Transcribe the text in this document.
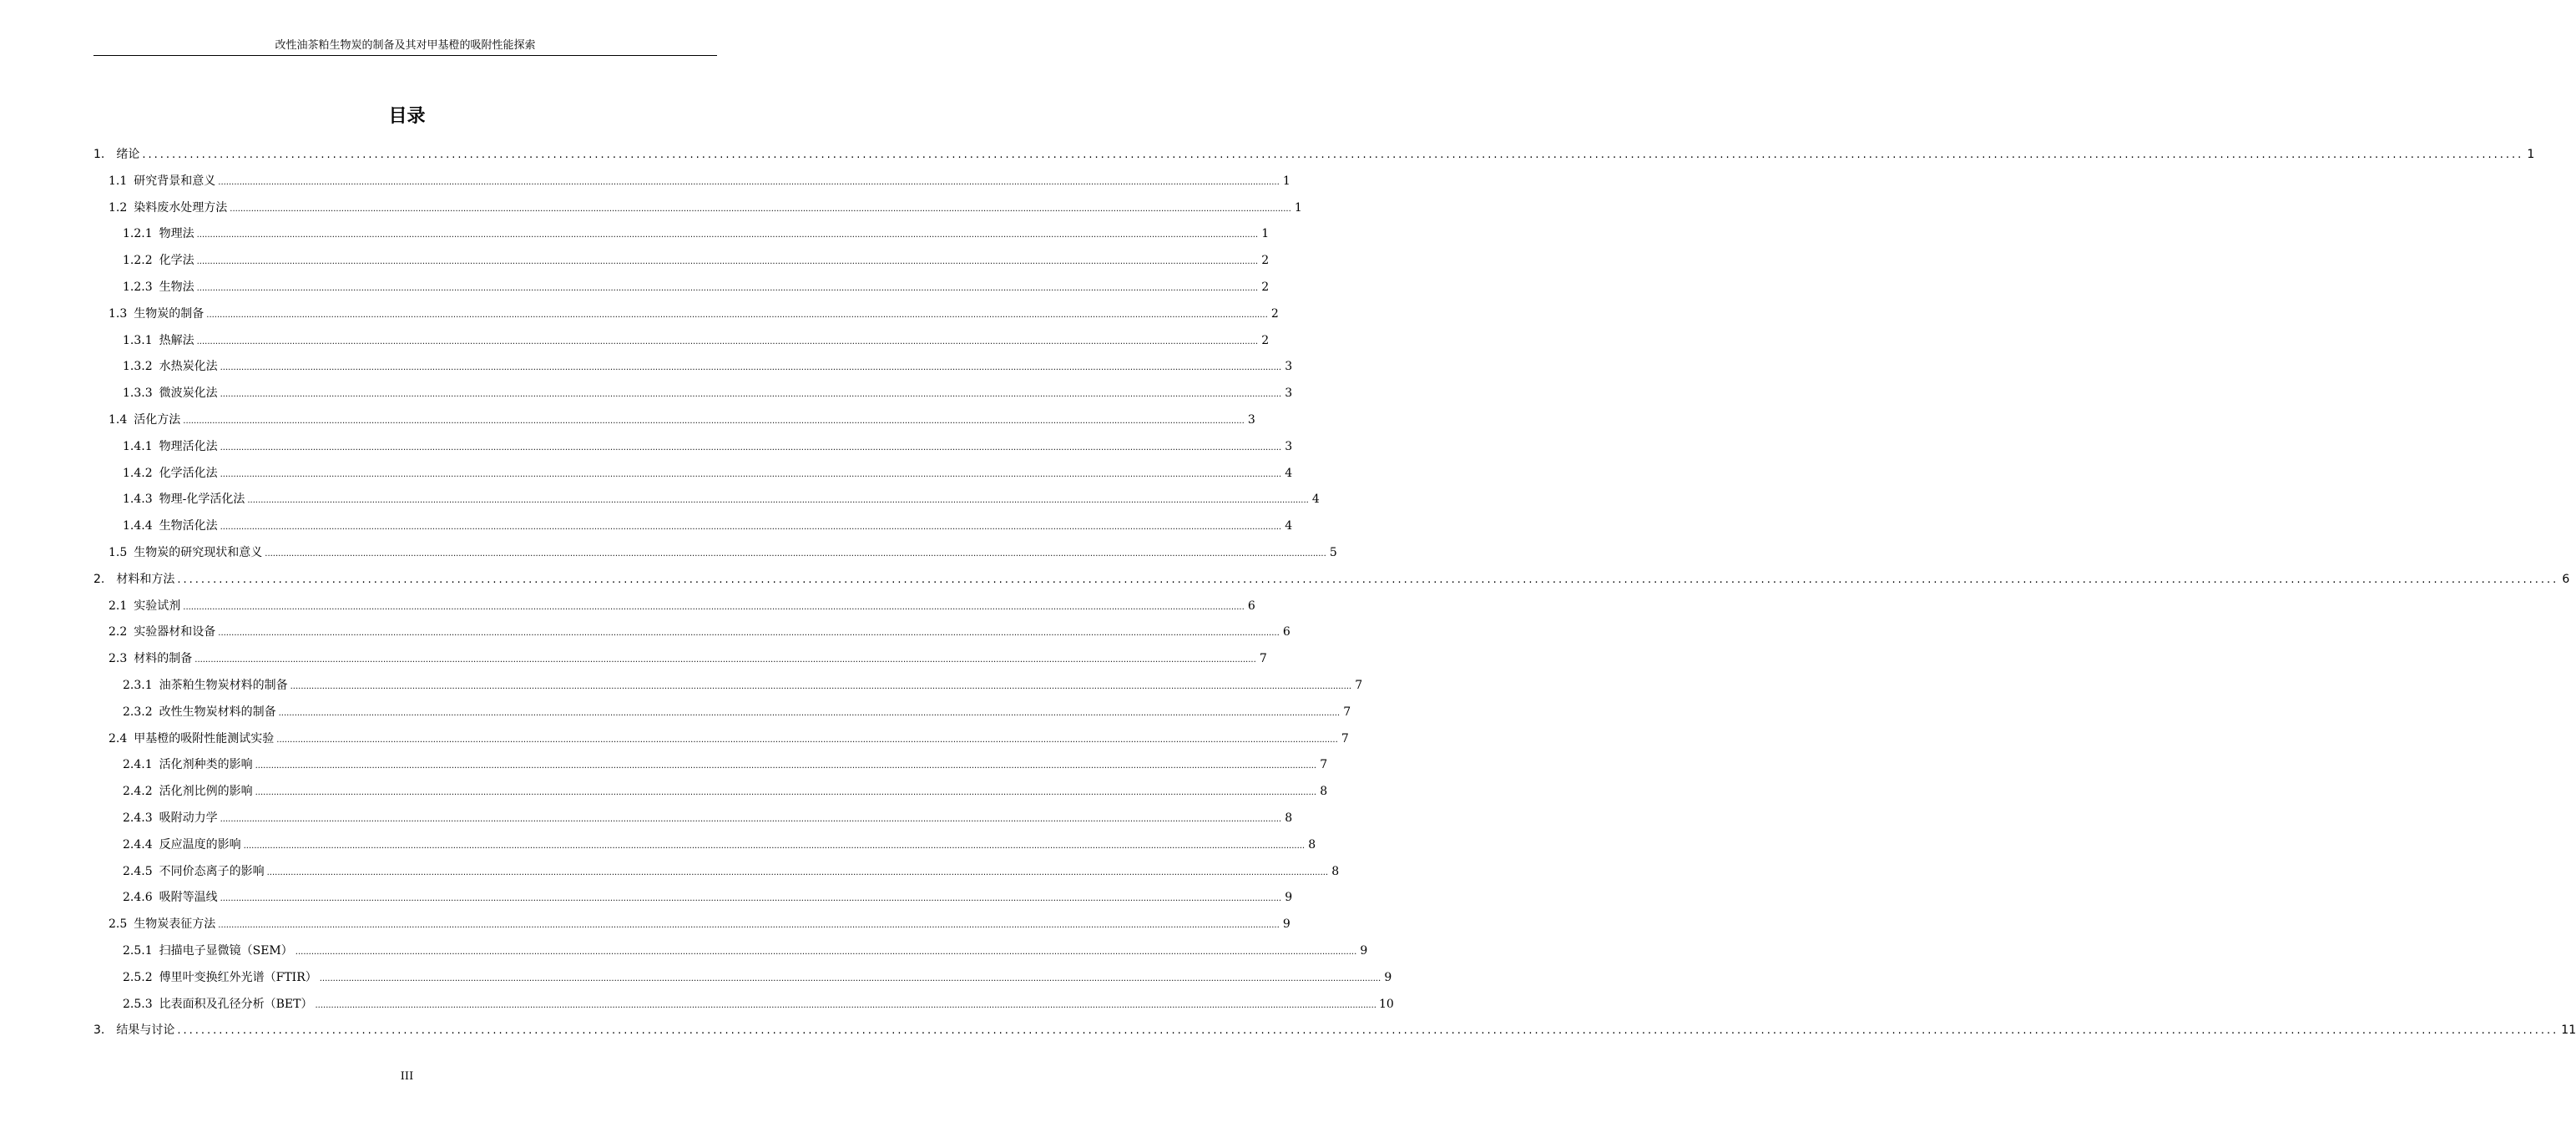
改性油茶粕生物炭的制备及其对甲基橙的吸附性能探索
目录
1. 绪论 ................................................................................................................................................................................................................................................................................................................................................................................................................ 1
1.1 研究背景和意义 ................................................................................................................................................................................................................................................................................................................................................................................................................ 1
1.2 染料废水处理方法 ................................................................................................................................................................................................................................................................................................................................................................................................................ 1
1.2.1 物理法 ................................................................................................................................................................................................................................................................................................................................................................................................................ 1
1.2.2 化学法 ................................................................................................................................................................................................................................................................................................................................................................................................................ 2
1.2.3 生物法 ................................................................................................................................................................................................................................................................................................................................................................................................................ 2
1.3 生物炭的制备 ................................................................................................................................................................................................................................................................................................................................................................................................................ 2
1.3.1 热解法 ................................................................................................................................................................................................................................................................................................................................................................................................................ 2
1.3.2 水热炭化法 ................................................................................................................................................................................................................................................................................................................................................................................................................ 3
1.3.3 微波炭化法 ................................................................................................................................................................................................................................................................................................................................................................................................................ 3
1.4 活化方法 ................................................................................................................................................................................................................................................................................................................................................................................................................ 3
1.4.1 物理活化法 ................................................................................................................................................................................................................................................................................................................................................................................................................ 3
1.4.2 化学活化法 ................................................................................................................................................................................................................................................................................................................................................................................................................ 4
1.4.3 物理-化学活化法 ................................................................................................................................................................................................................................................................................................................................................................................................................ 4
1.4.4 生物活化法 ................................................................................................................................................................................................................................................................................................................................................................................................................ 4
1.5 生物炭的研究现状和意义 ................................................................................................................................................................................................................................................................................................................................................................................................................ 5
2. 材料和方法 ................................................................................................................................................................................................................................................................................................................................................................................................................ 6
2.1 实验试剂 ................................................................................................................................................................................................................................................................................................................................................................................................................ 6
2.2 实验器材和设备 ................................................................................................................................................................................................................................................................................................................................................................................................................ 6
2.3 材料的制备 ................................................................................................................................................................................................................................................................................................................................................................................................................ 7
2.3.1 油茶粕生物炭材料的制备 ................................................................................................................................................................................................................................................................................................................................................................................................................ 7
2.3.2 改性生物炭材料的制备 ................................................................................................................................................................................................................................................................................................................................................................................................................ 7
2.4 甲基橙的吸附性能测试实验 ................................................................................................................................................................................................................................................................................................................................................................................................................ 7
2.4.1 活化剂种类的影响 ................................................................................................................................................................................................................................................................................................................................................................................................................ 7
2.4.2 活化剂比例的影响 ................................................................................................................................................................................................................................................................................................................................................................................................................ 8
2.4.3 吸附动力学 ................................................................................................................................................................................................................................................................................................................................................................................................................ 8
2.4.4 反应温度的影响 ................................................................................................................................................................................................................................................................................................................................................................................................................ 8
2.4.5 不同价态离子的影响 ................................................................................................................................................................................................................................................................................................................................................................................................................ 8
2.4.6 吸附等温线 ................................................................................................................................................................................................................................................................................................................................................................................................................ 9
2.5 生物炭表征方法 ................................................................................................................................................................................................................................................................................................................................................................................................................ 9
2.5.1 扫描电子显微镜（SEM） ................................................................................................................................................................................................................................................................................................................................................................................................................ 9
2.5.2 傅里叶变换红外光谱（FTIR） ................................................................................................................................................................................................................................................................................................................................................................................................................ 9
2.5.3 比表面积及孔径分析（BET） ................................................................................................................................................................................................................................................................................................................................................................................................................ 10
3. 结果与讨论 ................................................................................................................................................................................................................................................................................................................................................................................................................ 11
III
